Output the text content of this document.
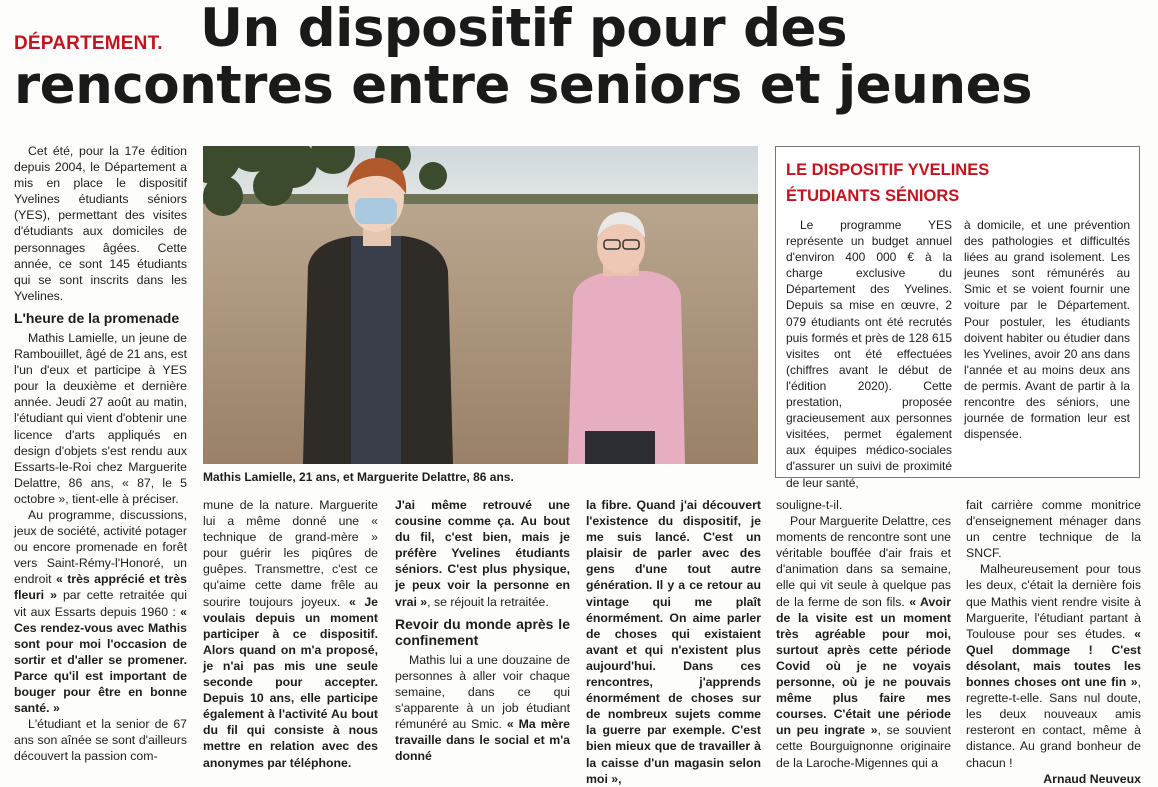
DÉPARTEMENT. Un dispositif pour des
rencontres entre seniors et jeunes

Cet été, pour la 17e édition depuis 2004, le Département a mis en place le dispositif Yvelines étudiants séniors (YES), permettant des visites d'étudiants aux domiciles de personnages âgées. Cette année, ce sont 145 étudiants qui se sont inscrits dans les Yvelines.

L'heure de la promenade

Mathis Lamielle, un jeune de Rambouillet, âgé de 21 ans, est l'un d'eux et participe à YES pour la deuxième et dernière année. Jeudi 27 août au matin, l'étudiant qui vient d'obtenir une licence d'arts appliqués en design d'objets s'est rendu aux Essarts-le-Roi chez Marguerite Delattre, 86 ans, « 87, le 5 octobre », tient-elle à préciser.

Au programme, discussions, jeux de société, activité potager ou encore promenade en forêt vers Saint-Rémy-l'Honoré, un endroit « très apprécié et très fleuri » par cette retraitée qui vit aux Essarts depuis 1960 : « Ces rendez-vous avec Mathis sont pour moi l'occasion de sortir et d'aller se promener. Parce qu'il est important de bouger pour être en bonne santé. »

L'étudiant et la senior de 67 ans son aînée se sont d'ailleurs découvert la passion com-

Mathis Lamielle, 21 ans, et Marguerite Delattre, 86 ans.
LE DISPOSITIF YVELINES
ÉTUDIANTS SÉNIORS

Le programme YES représente un budget annuel d'environ 400 000 € à la charge exclusive du Département des Yvelines. Depuis sa mise en œuvre, 2 079 étudiants ont été recrutés puis formés et près de 128 615 visites ont été effectuées (chiffres avant le début de l'édition 2020). Cette prestation, proposée gracieusement aux personnes visitées, permet également aux équipes médico-sociales d'assurer un suivi de proximité de leur santé,

à domicile, et une prévention des pathologies et difficultés liées au grand isolement. Les jeunes sont rémunérés au Smic et se voient fournir une voiture par le Département. Pour postuler, les étudiants doivent habiter ou étudier dans les Yvelines, avoir 20 ans dans l'année et au moins deux ans de permis. Avant de partir à la rencontre des séniors, une journée de formation leur est dispensée.

mune de la nature. Marguerite lui a même donné une « technique de grand-mère » pour guérir les piqûres de guêpes. Transmettre, c'est ce qu'aime cette dame frêle au sourire toujours joyeux. « Je voulais depuis un moment participer à ce dispositif. Alors quand on m'a proposé, je n'ai pas mis une seule seconde pour accepter. Depuis 10 ans, elle participe également à l'activité Au bout du fil qui consiste à nous mettre en relation avec des anonymes par téléphone.

J'ai même retrouvé une cousine comme ça. Au bout du fil, c'est bien, mais je préfère Yvelines étudiants séniors. C'est plus physique, je peux voir la personne en vrai », se réjouit la retraitée.

Revoir du monde après le confinement

Mathis lui a une douzaine de personnes à aller voir chaque semaine, dans ce qui s'apparente à un job étudiant rémunéré au Smic. « Ma mère travaille dans le social et m'a donné

la fibre. Quand j'ai découvert l'existence du dispositif, je me suis lancé. C'est un plaisir de parler avec des gens d'une tout autre génération. Il y a ce retour au vintage qui me plaît énormément. On aime parler de choses qui existaient avant et qui n'existent plus aujourd'hui. Dans ces rencontres, j'apprends énormément de choses sur de nombreux sujets comme la guerre par exemple. C'est bien mieux que de travailler à la caisse d'un magasin selon moi »,

souligne-t-il.

Pour Marguerite Delattre, ces moments de rencontre sont une véritable bouffée d'air frais et d'animation dans sa semaine, elle qui vit seule à quelque pas de la ferme de son fils. « Avoir de la visite est un moment très agréable pour moi, surtout après cette période Covid où je ne voyais personne, où je ne pouvais même plus faire mes courses. C'était une période un peu ingrate », se souvient cette Bourguignonne originaire de la Laroche-Migennes qui a

fait carrière comme monitrice d'enseignement ménager dans un centre technique de la SNCF.

Malheureusement pour tous les deux, c'était la dernière fois que Mathis vient rendre visite à Marguerite, l'étudiant partant à Toulouse pour ses études. « Quel dommage ! C'est désolant, mais toutes les bonnes choses ont une fin », regrette-t-elle. Sans nul doute, les deux nouveaux amis resteront en contact, même à distance. Au grand bonheur de chacun !

Arnaud Neuveux
